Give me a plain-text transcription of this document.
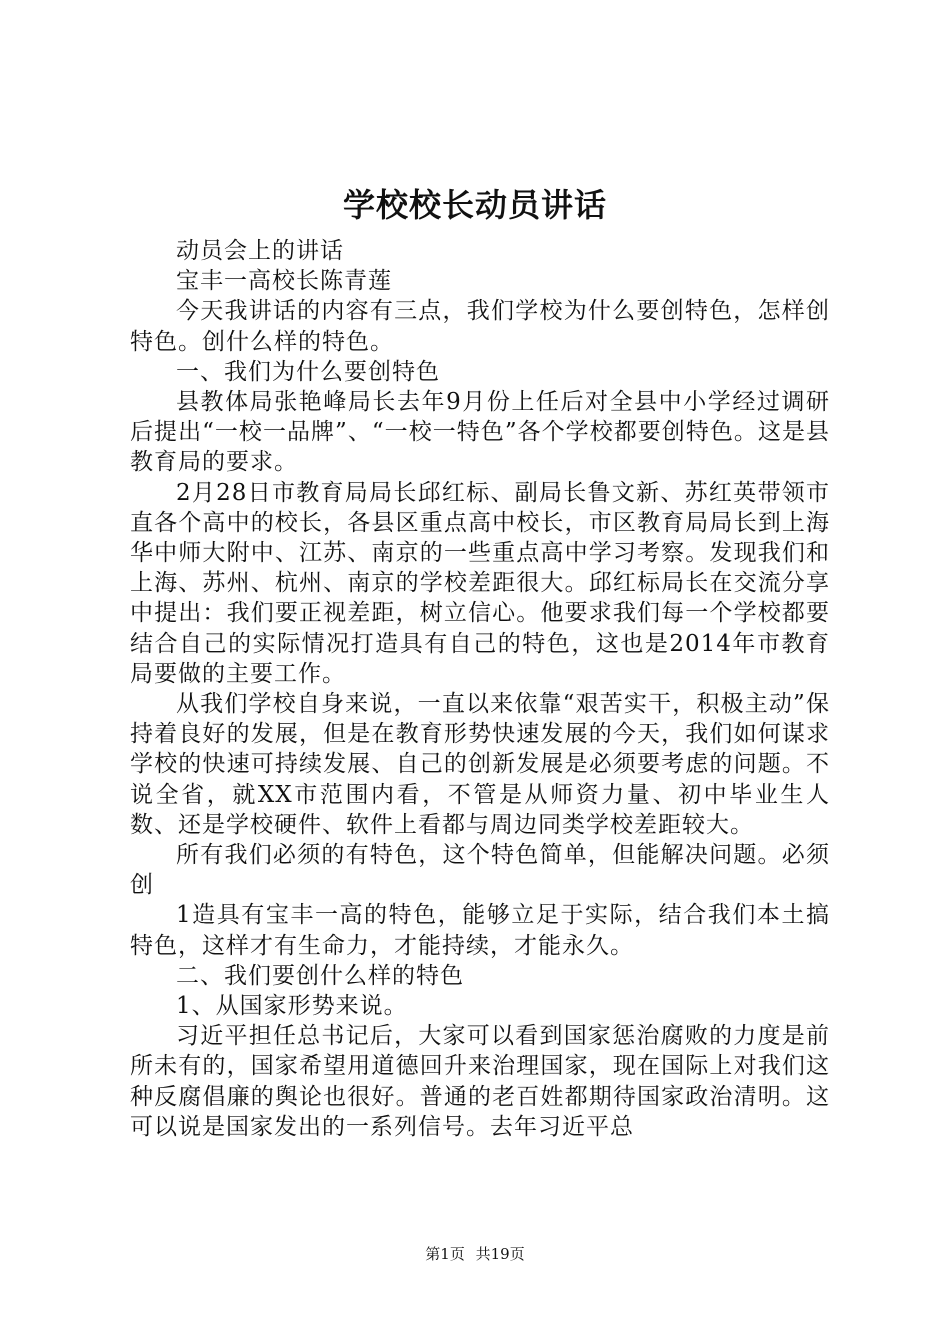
学校校长动员讲话

动员会上的讲话

宝丰一高校长陈青莲

今天我讲话的内容有三点，我们学校为什么要创特色，怎样创特色。创什么样的特色。

一、我们为什么要创特色

县教体局张艳峰局长去年9月份上任后对全县中小学经过调研后提出“一校一品牌”、“一校一特色”各个学校都要创特色。这是县教育局的要求。

2月28日市教育局局长邱红标、副局长鲁文新、苏红英带领市直各个高中的校长，各县区重点高中校长，市区教育局局长到上海华中师大附中、江苏、南京的一些重点高中学习考察。发现我们和上海、苏州、杭州、南京的学校差距很大。邱红标局长在交流分享中提出：我们要正视差距，树立信心。他要求我们每一个学校都要结合自己的实际情况打造具有自己的特色，这也是2014年市教育局要做的主要工作。

从我们学校自身来说，一直以来依靠“艰苦实干，积极主动”保持着良好的发展，但是在教育形势快速发展的今天，我们如何谋求学校的快速可持续发展、自己的创新发展是必须要考虑的问题。不说全省，就XX市范围内看，不管是从师资力量、初中毕业生人数、还是学校硬件、软件上看都与周边同类学校差距较大。

所有我们必须的有特色，这个特色简单，但能解决问题。必须创

1造具有宝丰一高的特色，能够立足于实际，结合我们本土搞特色，这样才有生命力，才能持续，才能永久。

二、我们要创什么样的特色

1、从国家形势来说。

习近平担任总书记后，大家可以看到国家惩治腐败的力度是前所未有的，国家希望用道德回升来治理国家，现在国际上对我们这种反腐倡廉的舆论也很好。普通的老百姓都期待国家政治清明。这可以说是国家发出的一系列信号。去年习近平总

第1页 共19页
